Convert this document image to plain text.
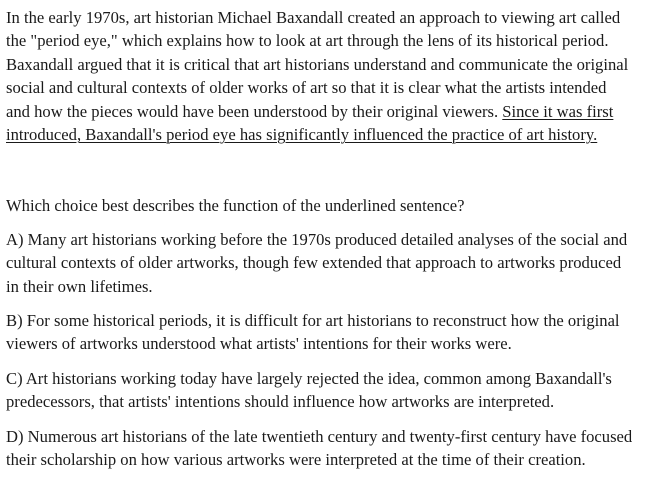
In the early 1970s, art historian Michael Baxandall created an approach to viewing art called
the "period eye," which explains how to look at art through the lens of its historical period.
Baxandall argued that it is critical that art historians understand and communicate the original
social and cultural contexts of older works of art so that it is clear what the artists intended
and how the pieces would have been understood by their original viewers. Since it was first
introduced, Baxandall's period eye has significantly influenced the practice of art history.

Which choice best describes the function of the underlined sentence?

A) Many art historians working before the 1970s produced detailed analyses of the social and
cultural contexts of older artworks, though few extended that approach to artworks produced
in their own lifetimes.

B) For some historical periods, it is difficult for art historians to reconstruct how the original
viewers of artworks understood what artists' intentions for their works were.

C) Art historians working today have largely rejected the idea, common among Baxandall's
predecessors, that artists' intentions should influence how artworks are interpreted.

D) Numerous art historians of the late twentieth century and twenty-first century have focused
their scholarship on how various artworks were interpreted at the time of their creation.
